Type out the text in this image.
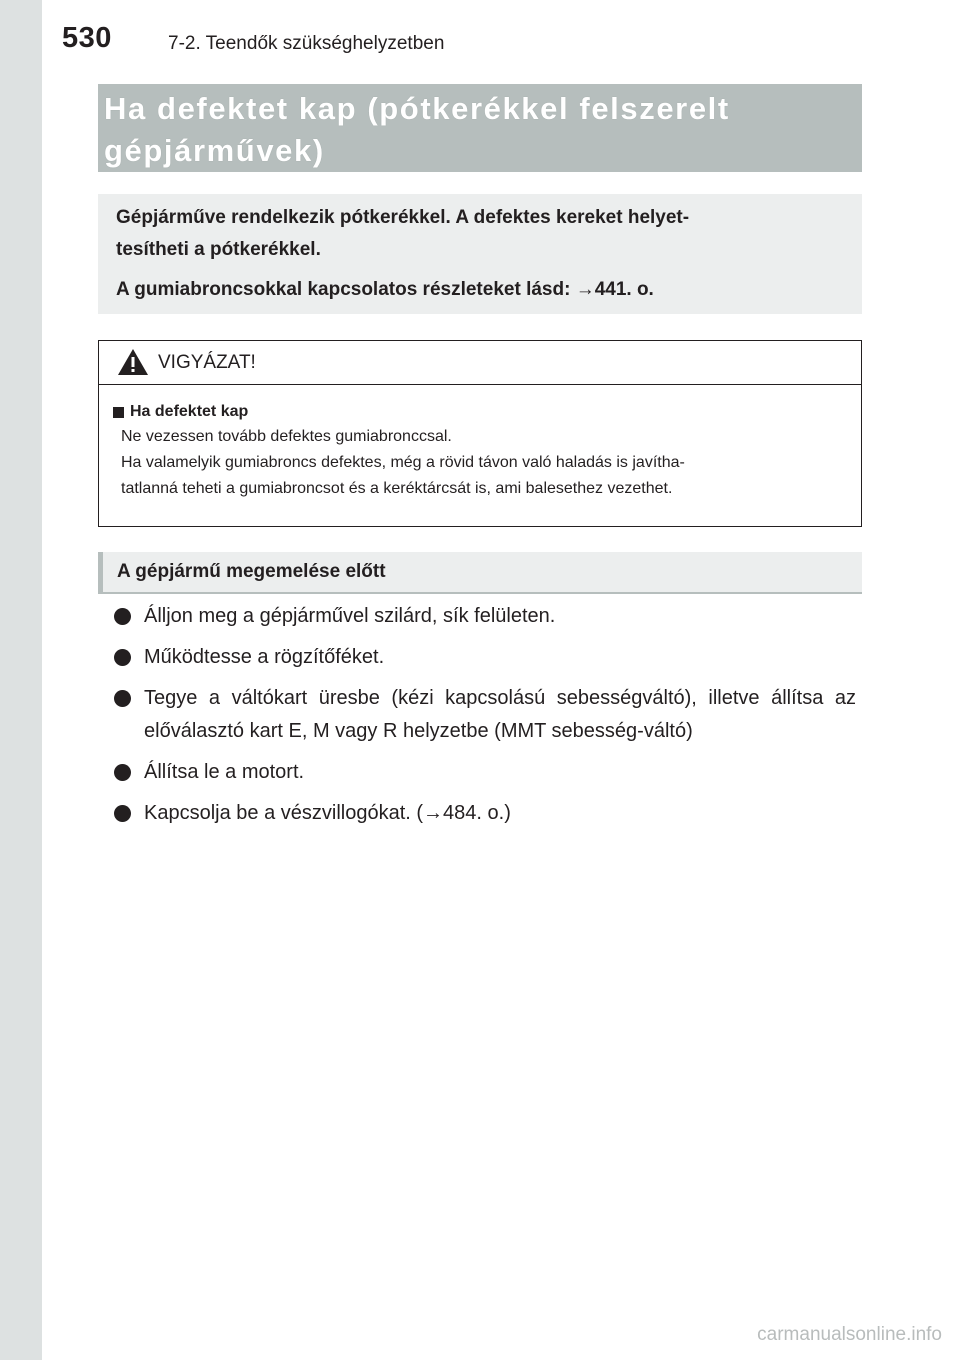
530	7-2. Teendők szükséghelyzetben

Ha defektet kap (pótkerékkel felszerelt

gépjárművek)

Gépjárműve rendelkezik pótkerékkel. A defektes kereket helyet-

tesítheti a pótkerékkel.

A gumiabroncsokkal kapcsolatos részleteket lásd: →441. o.

VIGYÁZAT!
Ha defektet kap
Ne vezessen tovább defektes gumiabronccsal.
Ha valamelyik gumiabroncs defektes, még a rövid távon való haladás is javítha-
tatlanná teheti a gumiabroncsot és a keréktárcsát is, ami balesethez vezethet.
A gépjármű megemelése előtt
Álljon meg a gépjárművel szilárd, sík felületen.
Működtesse a rögzítőféket.
Tegye a váltókart üresbe (kézi kapcsolású sebességváltó), illetve állítsa az előválasztó kart E, M vagy R helyzetbe (MMT sebesség-váltó)
Állítsa le a motort.
Kapcsolja be a vészvillogókat. (→484. o.)
carmanualsonline.info
